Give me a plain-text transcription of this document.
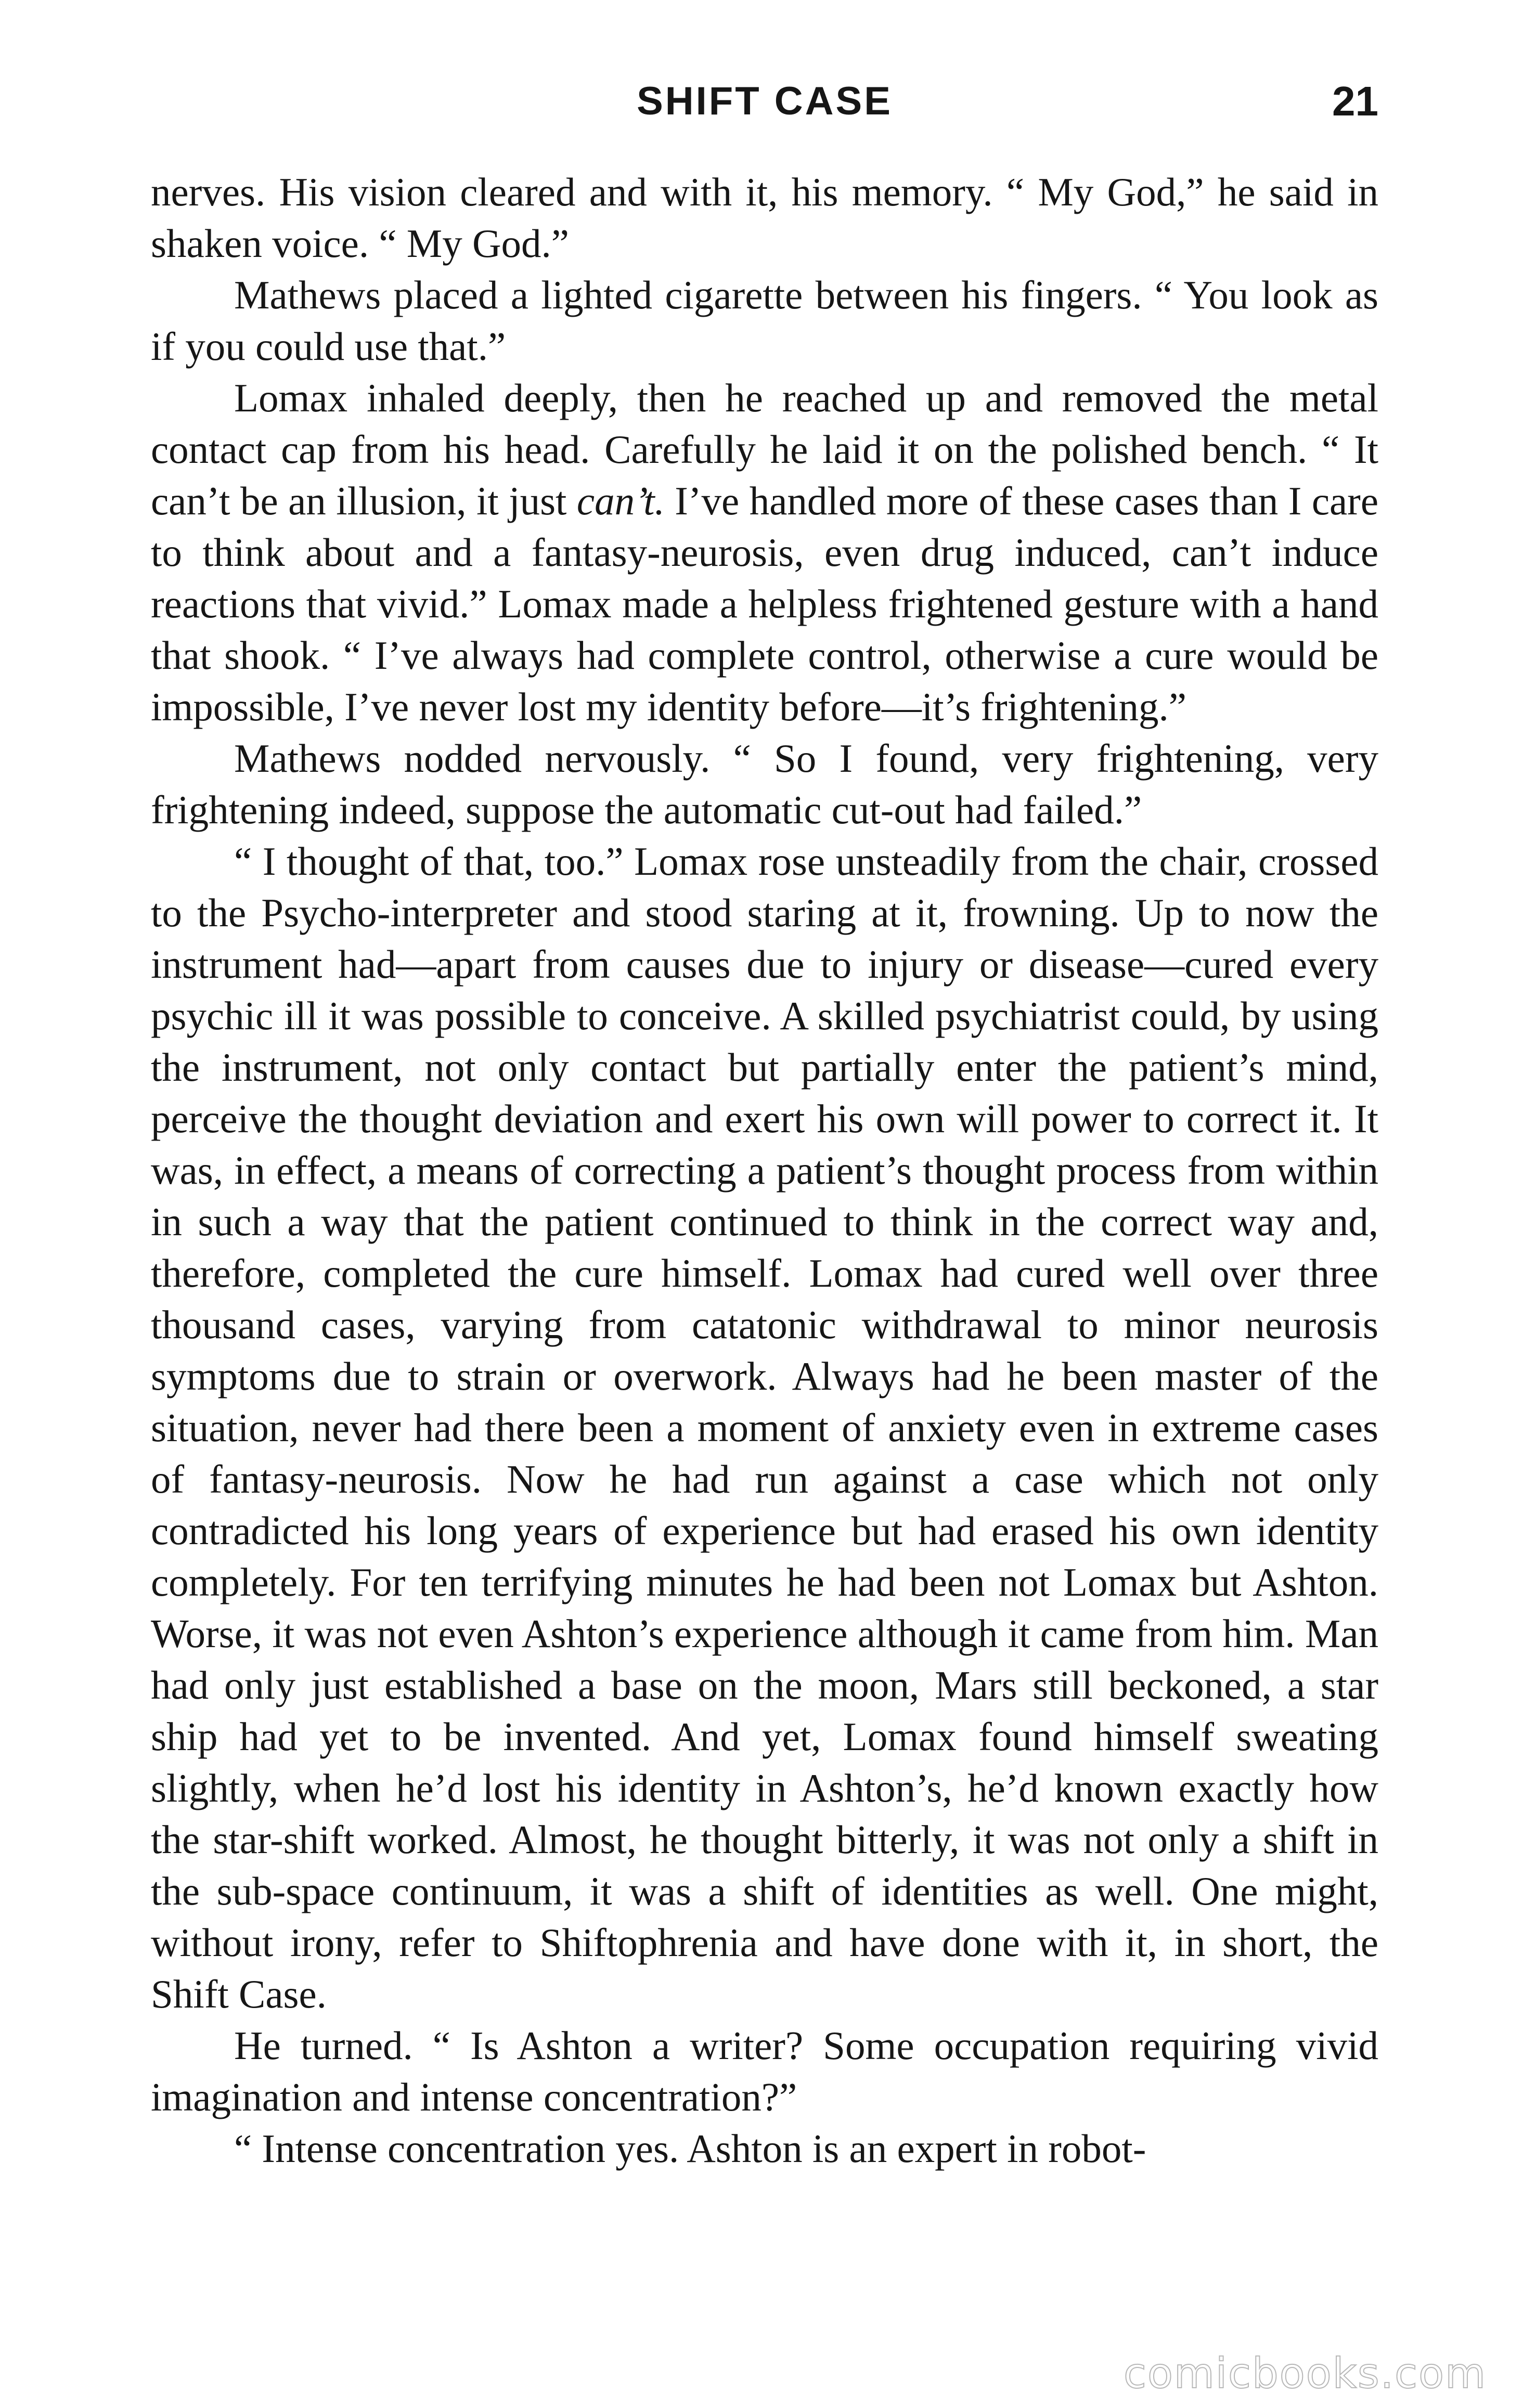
SHIFT CASE	21

nerves. His vision cleared and with it, his memory. “ My God,” he said in shaken voice. “ My God.”

Mathews placed a lighted cigarette between his fingers. “ You look as if you could use that.”

Lomax inhaled deeply, then he reached up and removed the metal contact cap from his head. Carefully he laid it on the polished bench. “ It can’t be an illusion, it just can’t. I’ve handled more of these cases than I care to think about and a fantasy-neurosis, even drug induced, can’t induce reactions that vivid.” Lomax made a helpless frightened gesture with a hand that shook. “ I’ve always had complete control, otherwise a cure would be impossible, I’ve never lost my identity before—it’s frightening.”

Mathews nodded nervously. “ So I found, very frightening, very frightening indeed, suppose the automatic cut-out had failed.”

“ I thought of that, too.” Lomax rose unsteadily from the chair, crossed to the Psycho-interpreter and stood staring at it, frowning. Up to now the instrument had—apart from causes due to injury or disease—cured every psychic ill it was possible to conceive. A skilled psychiatrist could, by using the instrument, not only contact but partially enter the patient’s mind, perceive the thought deviation and exert his own will power to correct it. It was, in effect, a means of correcting a patient’s thought process from within in such a way that the patient continued to think in the correct way and, therefore, completed the cure himself. Lomax had cured well over three thousand cases, varying from catatonic withdrawal to minor neurosis symptoms due to strain or overwork. Always had he been master of the situation, never had there been a moment of anxiety even in extreme cases of fantasy-neurosis. Now he had run against a case which not only contradicted his long years of experience but had erased his own identity completely. For ten terrifying minutes he had been not Lomax but Ashton. Worse, it was not even Ashton’s experience although it came from him. Man had only just established a base on the moon, Mars still beckoned, a star ship had yet to be invented. And yet, Lomax found himself sweating slightly, when he’d lost his identity in Ashton’s, he’d known exactly how the star-shift worked. Almost, he thought bitterly, it was not only a shift in the sub-space continuum, it was a shift of identities as well. One might, without irony, refer to Shiftophrenia and have done with it, in short, the Shift Case.

He turned. “ Is Ashton a writer? Some occupation requiring vivid imagination and intense concentration?”

“ Intense concentration yes. Ashton is an expert in robot-

comicbooks.com
